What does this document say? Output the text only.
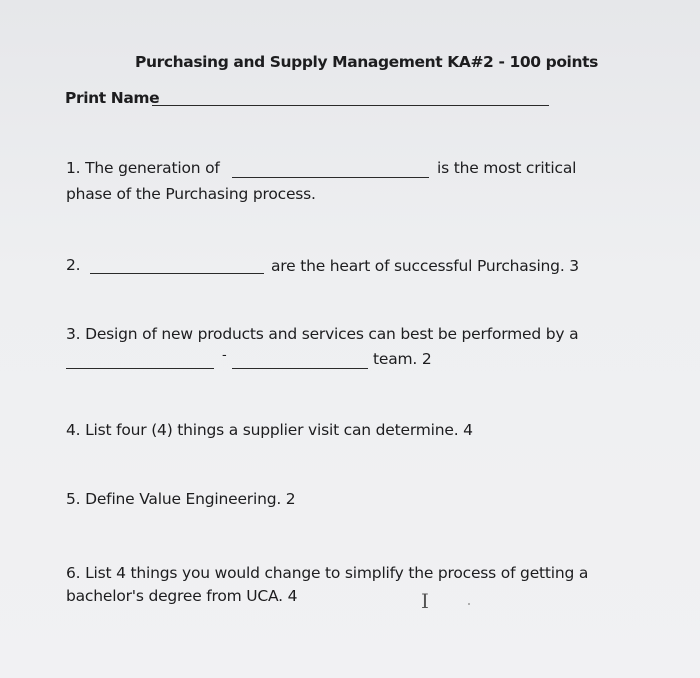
Purchasing and Supply Management KA#2 - 100 points
Print Name
1. The generation of	is the most critical
phase of the Purchasing process.
2.	are the heart of successful Purchasing. 3
3. Design of new products and services can best be performed by a
-	team. 2
4. List four (4) things a supplier visit can determine. 4
5. Define Value Engineering. 2
6. List 4 things you would change to simplify the process of getting a
bachelor's degree from UCA. 4	I
